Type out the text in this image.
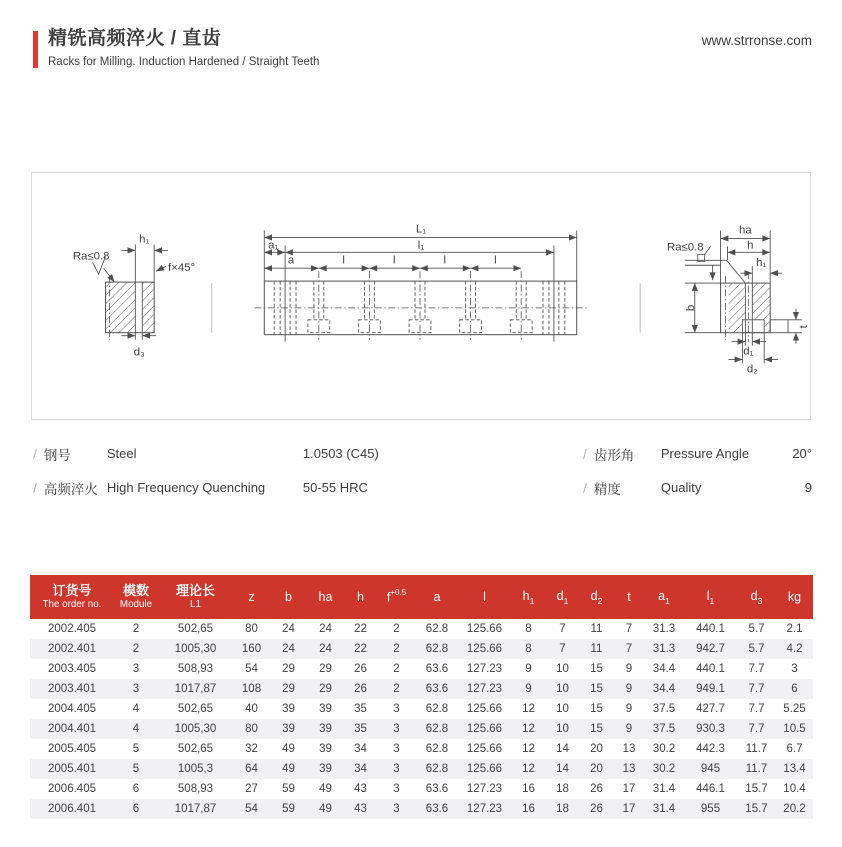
精铣高频淬火 / 直齿
Racks for Milling. Induction Hardened / Straight Teeth
www.strronse.com
h₁
f×45°
Ra≤0.8
d₃
L₁
a₁	l₁
a	l	l	l	l
ha
h
h₁
Ra≤0.8
b
t
d₁
d₂
/ 钢号	Steel	1.0503 (C45)	/ 齿形角	Pressure Angle	20°
/ 高频淬火 High Frequency Quenching	50-55 HRC	/ 精度	Quality	9
订货号
The order no.

模数
Module

理论长
L1
	z	b	ha	h	$f^{+0.5}$	a	l	$h_1$	$d_1$	$d_2$	t	$a_1$	$l_1$	$d_3$	kg
2002.405	2	502,65	80	24	24	22	2	62.8	125.66	8	7	11	7	31.3	440.1	5.7	2.1
2002.401	2	1005,30	160	24	24	22	2	62.8	125.66	8	7	11	7	31.3	942.7	5.7	4.2
2003.405	3	508,93	54	29	29	26	2	63.6	127.23	9	10	15	9	34.4	440.1	7.7	3
2003.401	3	1017,87	108	29	29	26	2	63.6	127.23	9	10	15	9	34.4	949.1	7.7	6
2004.405	4	502,65	40	39	39	35	3	62.8	125.66	12	10	15	9	37.5	427.7	7.7	5.25
2004.401	4	1005,30	80	39	39	35	3	62.8	125.66	12	10	15	9	37.5	930.3	7.7	10.5
2005.405	5	502,65	32	49	39	34	3	62.8	125.66	12	14	20	13	30.2	442.3	11.7	6.7
2005.401	5	1005,3	64	49	39	34	3	62.8	125.66	12	14	20	13	30.2	945	11.7	13.4
2006.405	6	508,93	27	59	49	43	3	63.6	127.23	16	18	26	17	31.4	446.1	15.7	10.4
2006.401	6	1017,87	54	59	49	43	3	63.6	127.23	16	18	26	17	31.4	955	15.7	20.2
